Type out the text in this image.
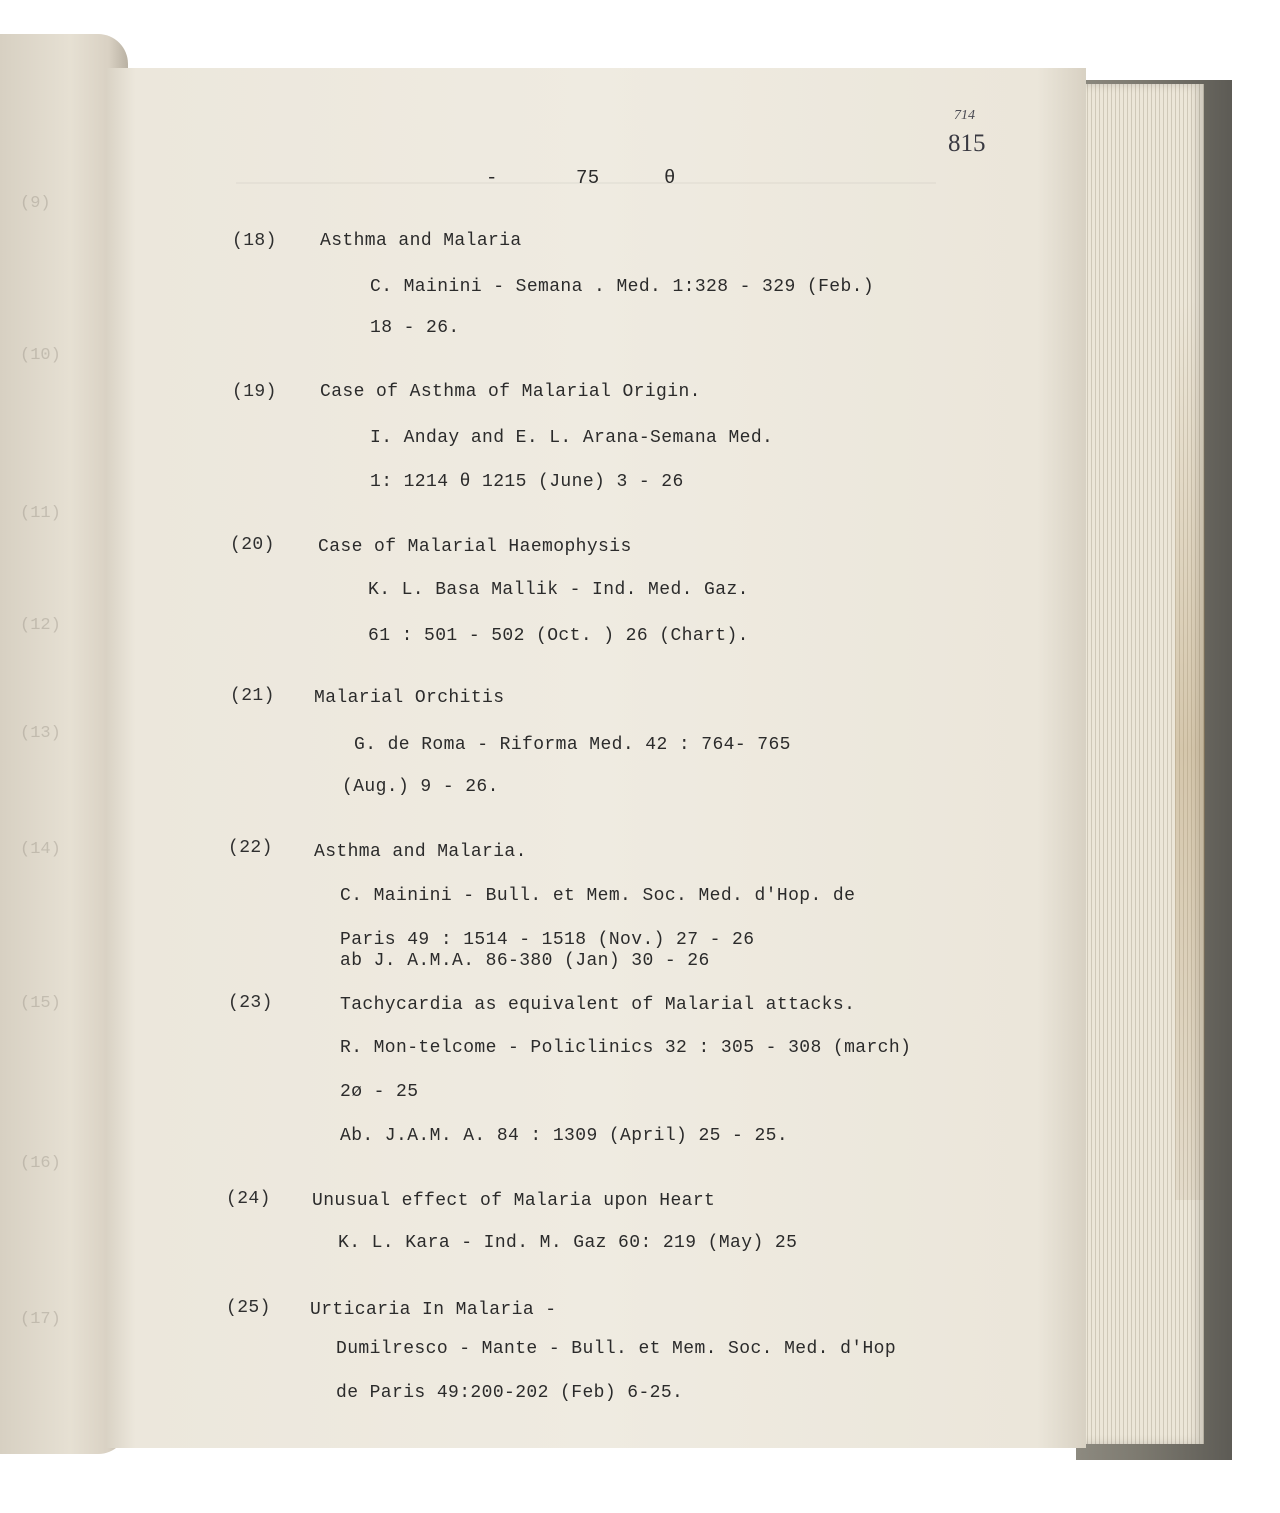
(9)
(10)
(11)
(12)
(13)
(14)
(15)
(16)
(17)

-	75	θ
714
815
(18) Asthma and Malaria
C. Mainini - Semana . Med. 1:328 - 329 (Feb.)
18 - 26.
(19) Case of Asthma of Malarial Origin.
I. Anday and E. L. Arana-Semana Med.
1: 1214 θ 1215 (June) 3 - 26
(20) Case of Malarial Haemophysis
K. L. Basa Mallik - Ind. Med. Gaz.
61 : 501 - 502 (Oct. ) 26 (Chart).
(21) Malarial Orchitis
G. de Roma - Riforma Med. 42 : 764- 765
(Aug.) 9 - 26.
(22) Asthma and Malaria.
C. Mainini - Bull. et Mem. Soc. Med. d'Hop. de
Paris 49 : 1514 - 1518 (Nov.) 27 - 26
ab J. A.M.A. 86-380 (Jan) 30 - 26
(23)	Tachycardia as equivalent of Malarial attacks.
R. Mon-telcome - Policlinics 32 : 305 - 308 (march)
2ø - 25
Ab. J.A.M. A. 84 : 1309 (April) 25 - 25.
(24) Unusual effect of Malaria upon Heart
K. L. Kara - Ind. M. Gaz 60: 219 (May) 25
(25) Urticaria In Malaria -
Dumilresco - Mante - Bull. et Mem. Soc. Med. d'Hop
de Paris 49:200-202 (Feb) 6-25.
